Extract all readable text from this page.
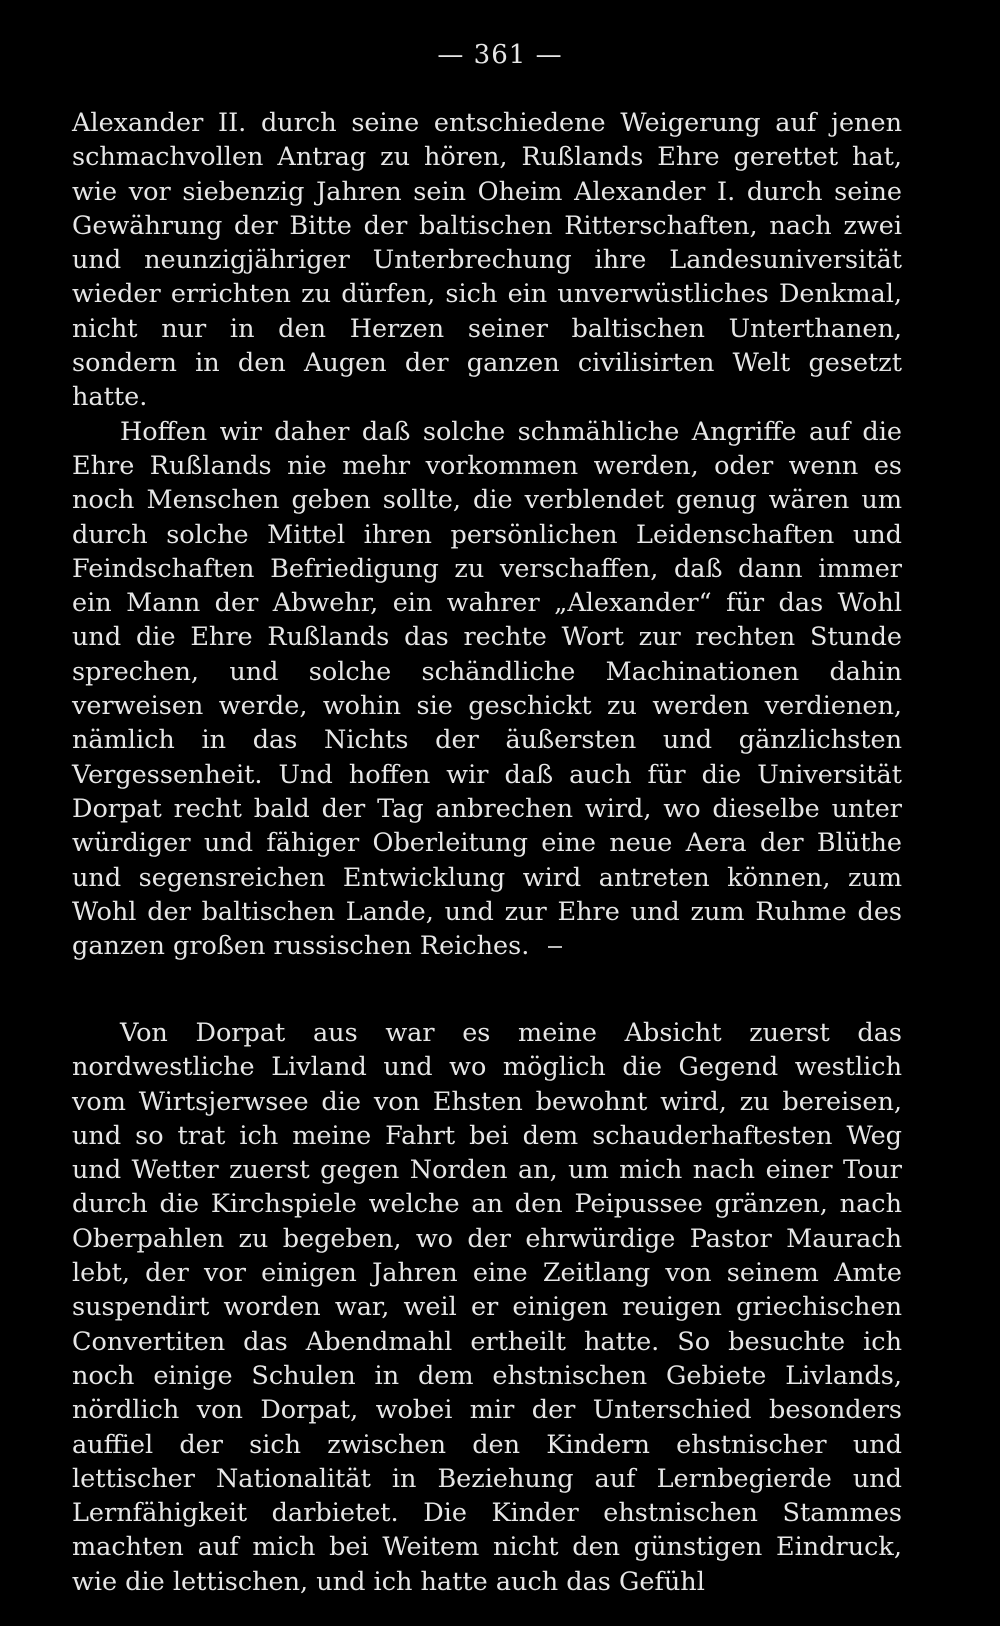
— 361 —

Alexander II. durch seine entschiedene Weigerung auf jenen schmachvollen Antrag zu hören, Rußlands Ehre gerettet hat, wie vor siebenzig Jahren sein Oheim Alexander I. durch seine Gewährung der Bitte der baltischen Ritterschaften, nach zwei und neunzigjähriger Unterbrechung ihre Landesuniversität wieder errichten zu dürfen, sich ein unverwüstliches Denkmal, nicht nur in den Herzen seiner baltischen Unterthanen, sondern in den Augen der ganzen civilisirten Welt gesetzt hatte.

Hoffen wir daher daß solche schmähliche Angriffe auf die Ehre Rußlands nie mehr vorkommen werden, oder wenn es noch Menschen geben sollte, die verblendet genug wären um durch solche Mittel ihren persönlichen Leidenschaften und Feindschaften Befriedigung zu verschaffen, daß dann immer ein Mann der Abwehr, ein wahrer „Alexander“ für das Wohl und die Ehre Rußlands das rechte Wort zur rechten Stunde sprechen, und solche schändliche Machinationen dahin verweisen werde, wohin sie geschickt zu werden verdienen, nämlich in das Nichts der äußersten und gänzlichsten Vergessenheit. Und hoffen wir daß auch für die Universität Dorpat recht bald der Tag anbrechen wird, wo dieselbe unter würdiger und fähiger Oberleitung eine neue Aera der Blüthe und segensreichen Entwicklung wird antreten können, zum Wohl der baltischen Lande, und zur Ehre und zum Ruhme des ganzen großen russischen Reiches.

Von Dorpat aus war es meine Absicht zuerst das nordwestliche Livland und wo möglich die Gegend westlich vom Wirtsjerwsee die von Ehsten bewohnt wird, zu bereisen, und so trat ich meine Fahrt bei dem schauderhaftesten Weg und Wetter zuerst gegen Norden an, um mich nach einer Tour durch die Kirchspiele welche an den Peipussee gränzen, nach Oberpahlen zu begeben, wo der ehrwürdige Pastor Maurach lebt, der vor einigen Jahren eine Zeitlang von seinem Amte suspendirt worden war, weil er einigen reuigen griechischen Convertiten das Abendmahl ertheilt hatte. So besuchte ich noch einige Schulen in dem ehstnischen Gebiete Livlands, nördlich von Dorpat, wobei mir der Unterschied besonders auffiel der sich zwischen den Kindern ehstnischer und lettischer Nationalität in Beziehung auf Lernbegierde und Lernfähigkeit darbietet. Die Kinder ehstnischen Stammes machten auf mich bei Weitem nicht den günstigen Eindruck, wie die lettischen, und ich hatte auch das Gefühl
